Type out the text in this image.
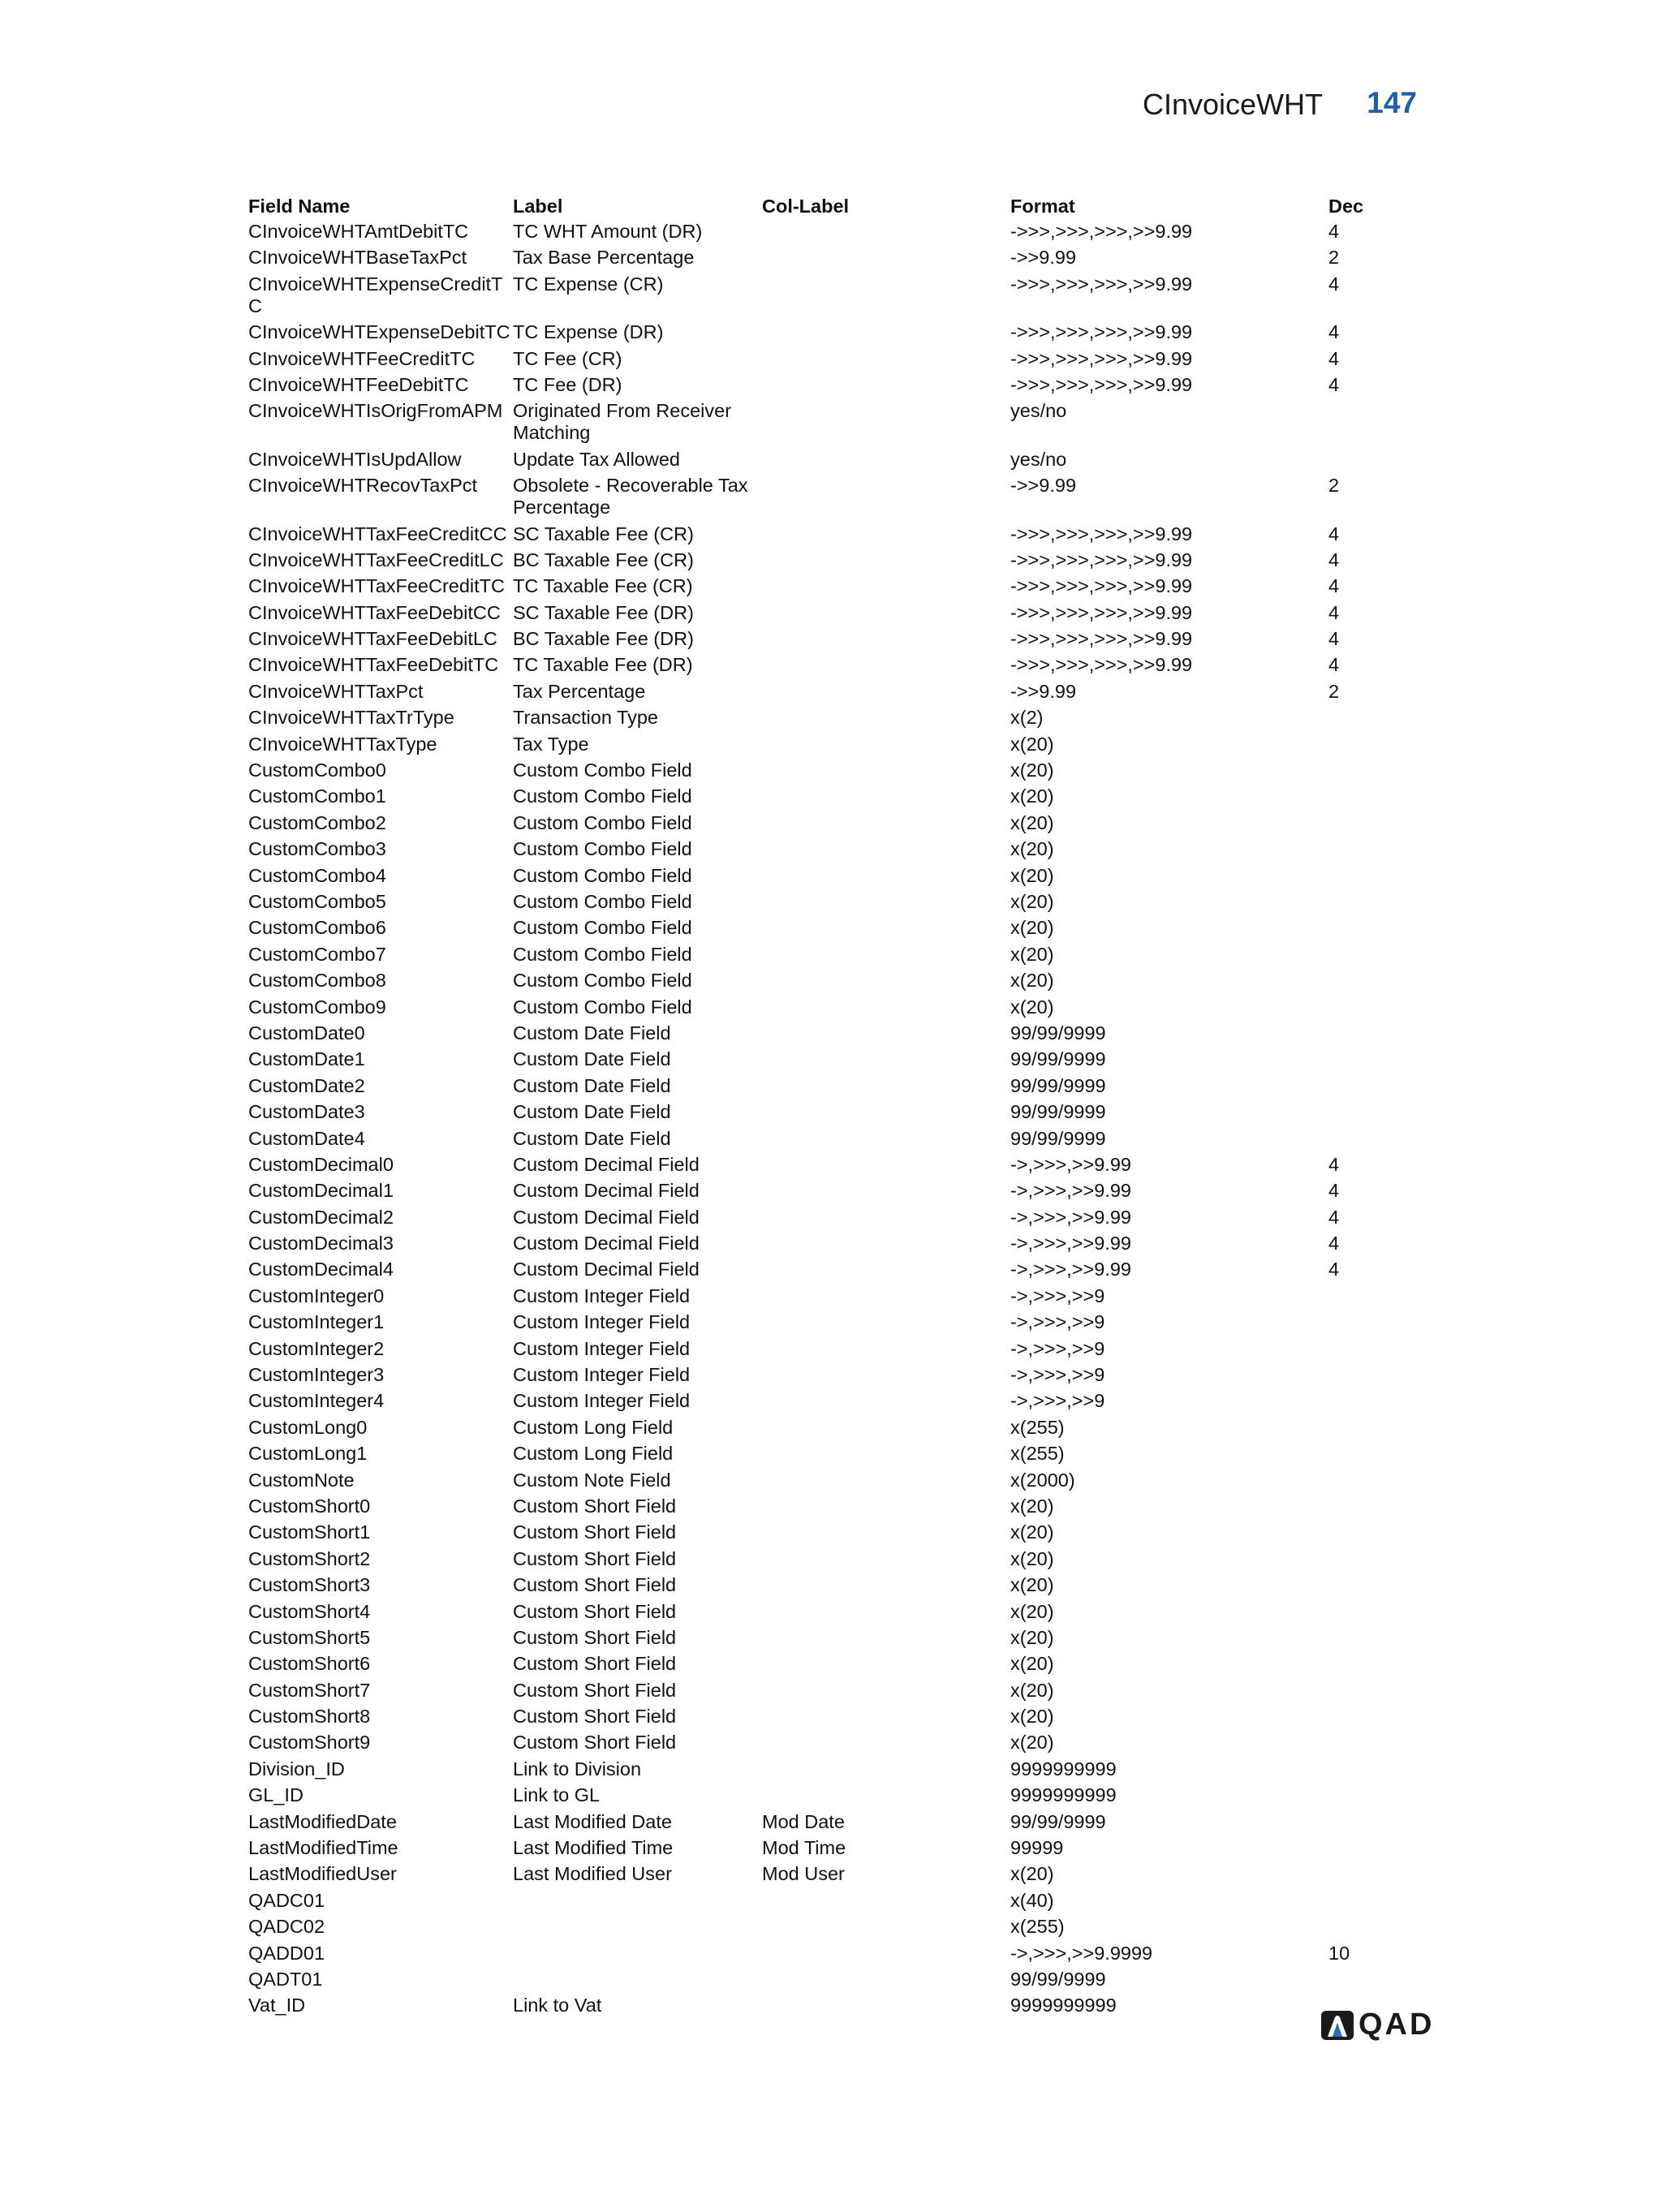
CInvoiceWHT 147
Field Name	Label	Col-Label	Format	Dec
CInvoiceWHTAmtDebitTC	TC WHT Amount (DR)		->>>,>>>,>>>,>>9.99	4
CInvoiceWHTBaseTaxPct	Tax Base Percentage		->>9.99	2
CInvoiceWHTExpenseCreditTC	TC Expense (CR)		->>>,>>>,>>>,>>9.99	4
CInvoiceWHTExpenseDebitTC	TC Expense (DR)		->>>,>>>,>>>,>>9.99	4
CInvoiceWHTFeeCreditTC	TC Fee (CR)		->>>,>>>,>>>,>>9.99	4
CInvoiceWHTFeeDebitTC	TC Fee (DR)		->>>,>>>,>>>,>>9.99	4
CInvoiceWHTIsOrigFromAPM	Originated From Receiver Matching		yes/no	
CInvoiceWHTIsUpdAllow	Update Tax Allowed		yes/no	
CInvoiceWHTRecovTaxPct	Obsolete - Recoverable Tax Percentage		->>9.99	2
CInvoiceWHTTaxFeeCreditCC	SC Taxable Fee (CR)		->>>,>>>,>>>,>>9.99	4
CInvoiceWHTTaxFeeCreditLC	BC Taxable Fee (CR)		->>>,>>>,>>>,>>9.99	4
CInvoiceWHTTaxFeeCreditTC	TC Taxable Fee (CR)		->>>,>>>,>>>,>>9.99	4
CInvoiceWHTTaxFeeDebitCC	SC Taxable Fee (DR)		->>>,>>>,>>>,>>9.99	4
CInvoiceWHTTaxFeeDebitLC	BC Taxable Fee (DR)		->>>,>>>,>>>,>>9.99	4
CInvoiceWHTTaxFeeDebitTC	TC Taxable Fee (DR)		->>>,>>>,>>>,>>9.99	4
CInvoiceWHTTaxPct	Tax Percentage		->>9.99	2
CInvoiceWHTTaxTrType	Transaction Type		x(2)	
CInvoiceWHTTaxType	Tax Type		x(20)	
CustomCombo0	Custom Combo Field		x(20)	
CustomCombo1	Custom Combo Field		x(20)	
CustomCombo2	Custom Combo Field		x(20)	
CustomCombo3	Custom Combo Field		x(20)	
CustomCombo4	Custom Combo Field		x(20)	
CustomCombo5	Custom Combo Field		x(20)	
CustomCombo6	Custom Combo Field		x(20)	
CustomCombo7	Custom Combo Field		x(20)	
CustomCombo8	Custom Combo Field		x(20)	
CustomCombo9	Custom Combo Field		x(20)	
CustomDate0	Custom Date Field		99/99/9999	
CustomDate1	Custom Date Field		99/99/9999	
CustomDate2	Custom Date Field		99/99/9999	
CustomDate3	Custom Date Field		99/99/9999	
CustomDate4	Custom Date Field		99/99/9999	
CustomDecimal0	Custom Decimal Field		->,>>>,>>9.99	4
CustomDecimal1	Custom Decimal Field		->,>>>,>>9.99	4
CustomDecimal2	Custom Decimal Field		->,>>>,>>9.99	4
CustomDecimal3	Custom Decimal Field		->,>>>,>>9.99	4
CustomDecimal4	Custom Decimal Field		->,>>>,>>9.99	4
CustomInteger0	Custom Integer Field		->,>>>,>>9	
CustomInteger1	Custom Integer Field		->,>>>,>>9	
CustomInteger2	Custom Integer Field		->,>>>,>>9	
CustomInteger3	Custom Integer Field		->,>>>,>>9	
CustomInteger4	Custom Integer Field		->,>>>,>>9	
CustomLong0	Custom Long Field		x(255)	
CustomLong1	Custom Long Field		x(255)	
CustomNote	Custom Note Field		x(2000)	
CustomShort0	Custom Short Field		x(20)	
CustomShort1	Custom Short Field		x(20)	
CustomShort2	Custom Short Field		x(20)	
CustomShort3	Custom Short Field		x(20)	
CustomShort4	Custom Short Field		x(20)	
CustomShort5	Custom Short Field		x(20)	
CustomShort6	Custom Short Field		x(20)	
CustomShort7	Custom Short Field		x(20)	
CustomShort8	Custom Short Field		x(20)	
CustomShort9	Custom Short Field		x(20)	
Division_ID	Link to Division		9999999999	
GL_ID	Link to GL		9999999999	
LastModifiedDate	Last Modified Date	Mod Date	99/99/9999	
LastModifiedTime	Last Modified Time	Mod Time	99999	
LastModifiedUser	Last Modified User	Mod User	x(20)	
QADC01			x(40)	
QADC02			x(255)	
QADD01			->,>>>,>>9.9999	10
QADT01			99/99/9999	
Vat_ID	Link to Vat		9999999999	
QAD
